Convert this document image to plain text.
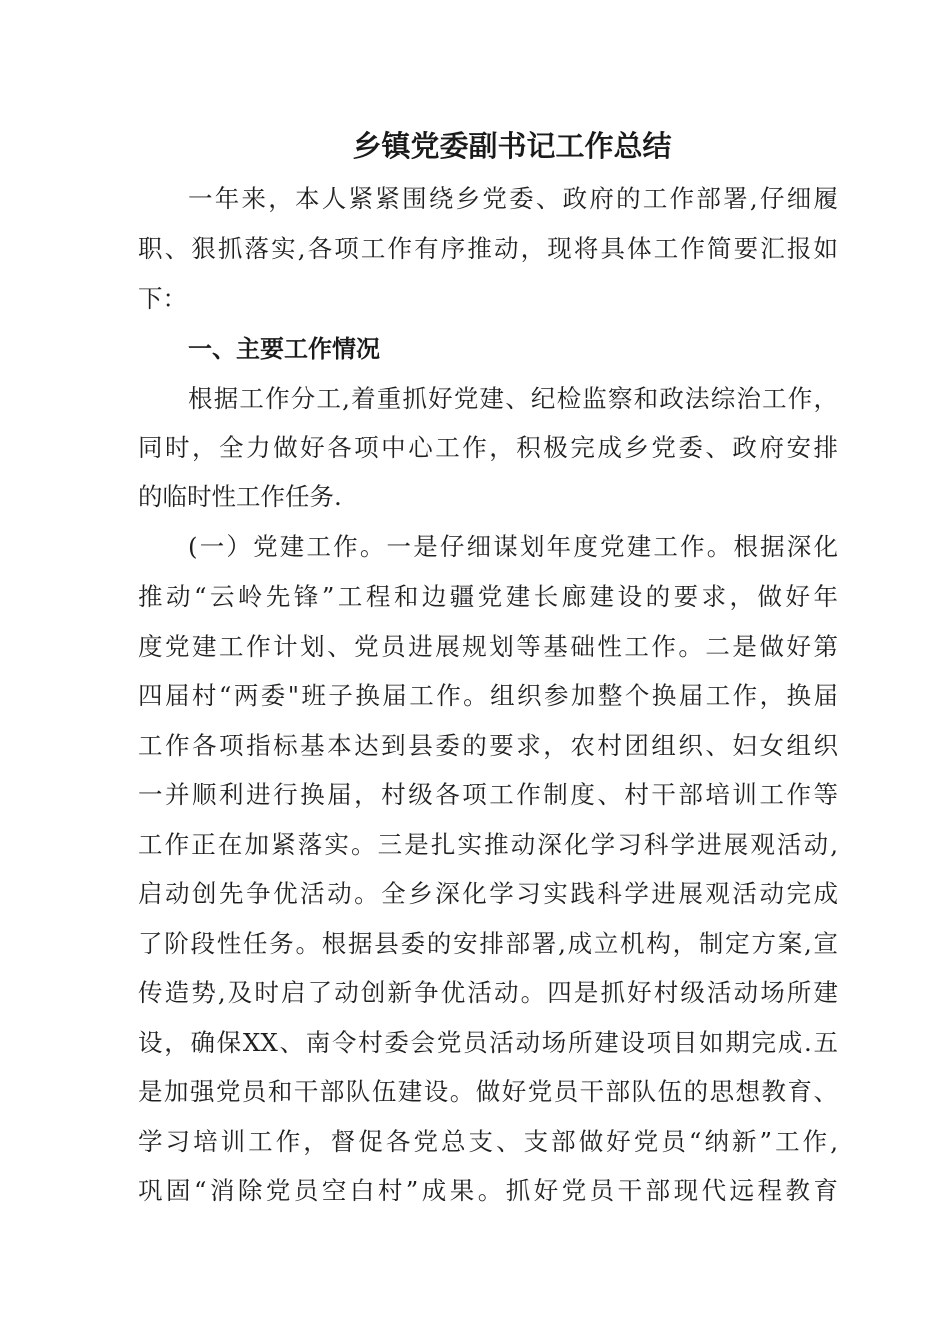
乡镇党委副书记工作总结

一年来，本人紧紧围绕乡党委、政府的工作部署,仔细履

职、狠抓落实,各项工作有序推动，现将具体工作简要汇报如

下：

一、主要工作情况

根据工作分工,着重抓好党建、纪检监察和政法综治工作，

同时，全力做好各项中心工作，积极完成乡党委、政府安排

的临时性工作任务.

(一）党建工作。一是仔细谋划年度党建工作。根据深化

推动“云岭先锋”工程和边疆党建长廊建设的要求，做好年

度党建工作计划、党员进展规划等基础性工作。二是做好第

四届村“两委"班子换届工作。组织参加整个换届工作，换届

工作各项指标基本达到县委的要求，农村团组织、妇女组织

一并顺利进行换届，村级各项工作制度、村干部培训工作等

工作正在加紧落实。三是扎实推动深化学习科学进展观活动,

启动创先争优活动。全乡深化学习实践科学进展观活动完成

了阶段性任务。根据县委的安排部署,成立机构，制定方案,宣

传造势,及时启了动创新争优活动。四是抓好村级活动场所建

设，确保XX、南令村委会党员活动场所建设项目如期完成.五

是加强党员和干部队伍建设。做好党员干部队伍的思想教育、

学习培训工作，督促各党总支、支部做好党员“纳新”工作,

巩固“消除党员空白村”成果。抓好党员干部现代远程教育
